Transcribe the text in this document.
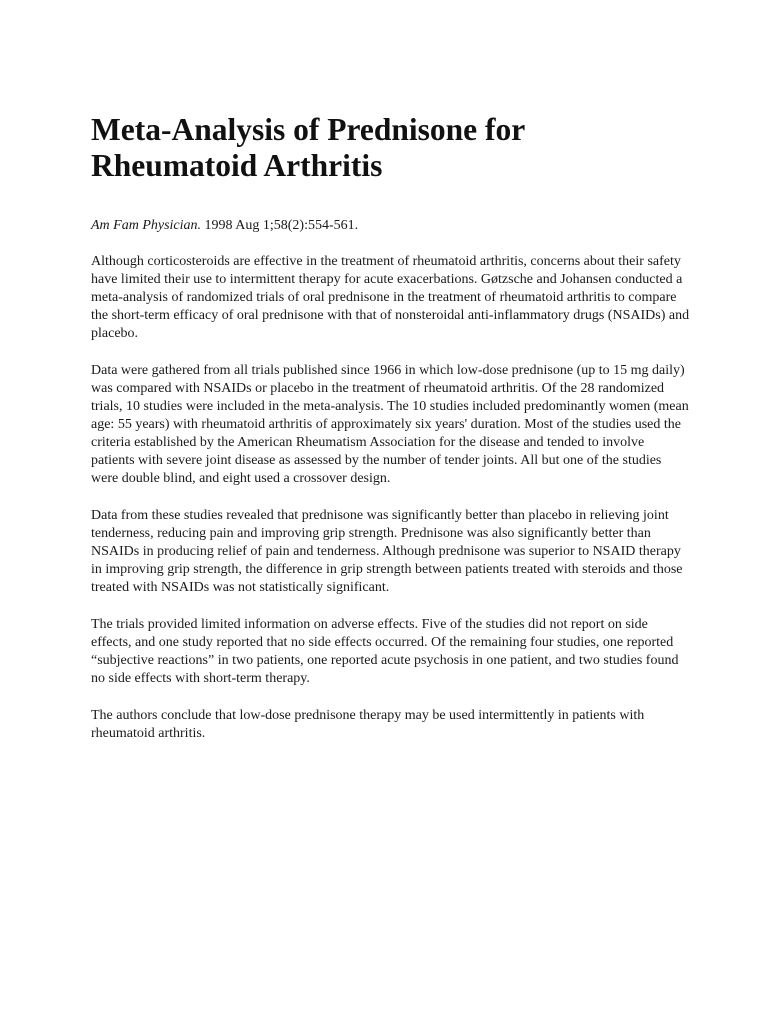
Meta-Analysis of Prednisone for Rheumatoid Arthritis
Am Fam Physician. 1998 Aug 1;58(2):554-561.

Although corticosteroids are effective in the treatment of rheumatoid arthritis, concerns about their safety have limited their use to intermittent therapy for acute exacerbations. Gøtzsche and Johansen conducted a meta-analysis of randomized trials of oral prednisone in the treatment of rheumatoid arthritis to compare the short-term efficacy of oral prednisone with that of nonsteroidal anti-inflammatory drugs (NSAIDs) and placebo.

Data were gathered from all trials published since 1966 in which low-dose prednisone (up to 15 mg daily) was compared with NSAIDs or placebo in the treatment of rheumatoid arthritis. Of the 28 randomized trials, 10 studies were included in the meta-analysis. The 10 studies included predominantly women (mean age: 55 years) with rheumatoid arthritis of approximately six years' duration. Most of the studies used the criteria established by the American Rheumatism Association for the disease and tended to involve patients with severe joint disease as assessed by the number of tender joints. All but one of the studies were double blind, and eight used a crossover design.

Data from these studies revealed that prednisone was significantly better than placebo in relieving joint tenderness, reducing pain and improving grip strength. Prednisone was also significantly better than NSAIDs in producing relief of pain and tenderness. Although prednisone was superior to NSAID therapy in improving grip strength, the difference in grip strength between patients treated with steroids and those treated with NSAIDs was not statistically significant.

The trials provided limited information on adverse effects. Five of the studies did not report on side effects, and one study reported that no side effects occurred. Of the remaining four studies, one reported “subjective reactions” in two patients, one reported acute psychosis in one patient, and two studies found no side effects with short-term therapy.

The authors conclude that low-dose prednisone therapy may be used intermittently in patients with rheumatoid arthritis.
